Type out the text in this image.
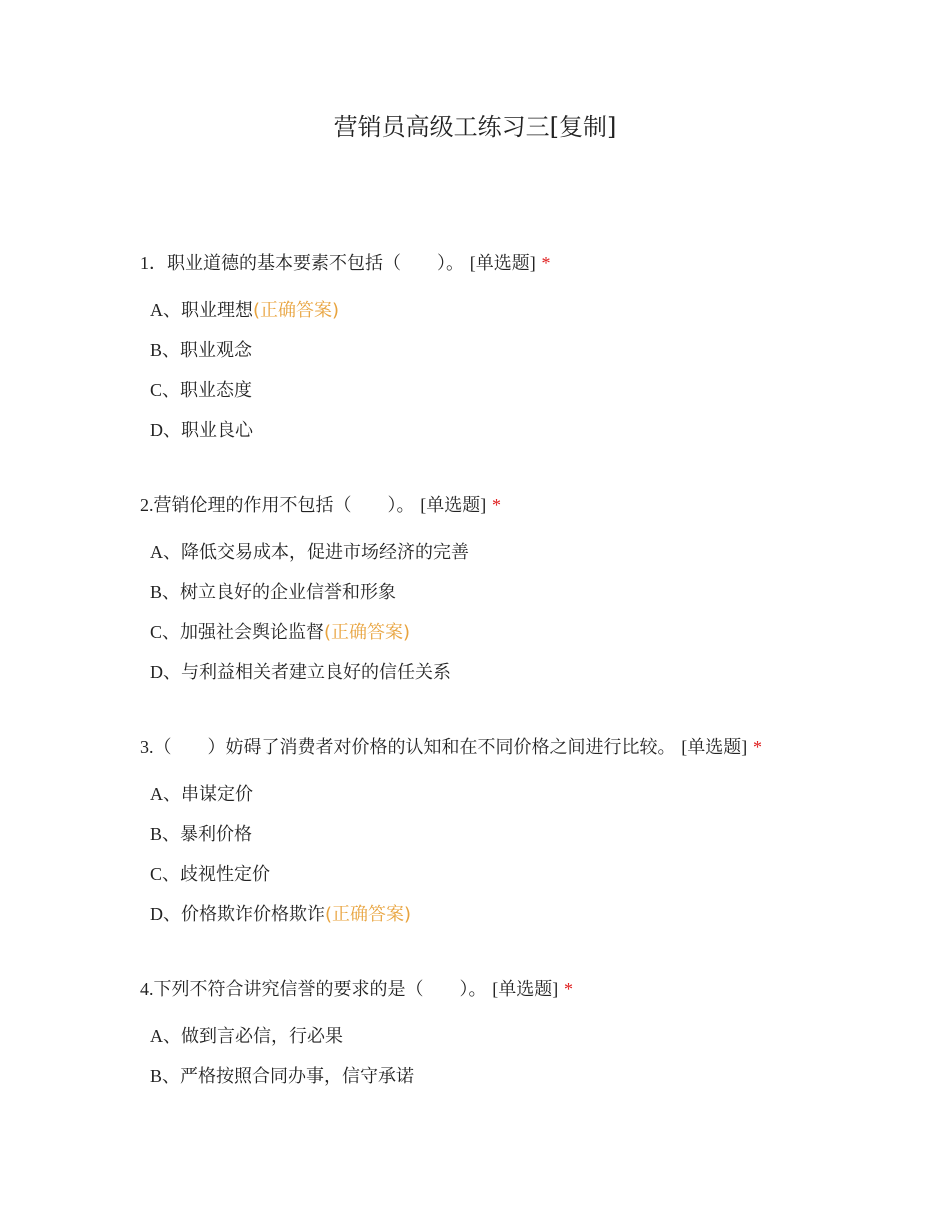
营销员高级工练习三[复制]
1．职业道德的基本要素不包括（　　）。 [单选题] *
A、职业理想(正确答案)
B、职业观念
C、职业态度
D、职业良心
2.营销伦理的作用不包括（　　）。 [单选题] *
A、降低交易成本，促进市场经济的完善
B、树立良好的企业信誉和形象
C、加强社会舆论监督(正确答案)
D、与利益相关者建立良好的信任关系
3.（　　）妨碍了消费者对价格的认知和在不同价格之间进行比较。 [单选题] *
A、串谋定价
B、暴利价格
C、歧视性定价
D、价格欺诈价格欺诈(正确答案)
4.下列不符合讲究信誉的要求的是（　　）。 [单选题] *
A、做到言必信，行必果
B、严格按照合同办事，信守承诺
